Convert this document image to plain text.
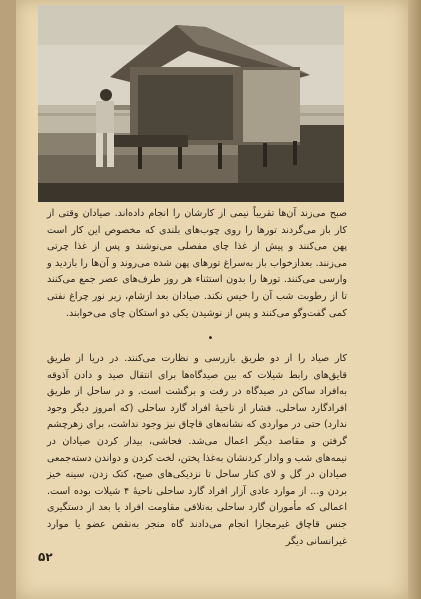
صبح می‌زند آن‌ها تقریباً نیمی از کارشان را انجام داده‌اند. صیادان وقتی از کار باز می‌گردند تورها را روی چوب‌های بلندی که مخصوص این کار است پهن می‌کنند و پیش از غذا چای مفصلی می‌نوشند و پس از غذا چرتی می‌زنند. بعدازخواب باز به‌سراغ تورهای پهن شده می‌روند و آن‌ها را بازدید و وارسی می‌کنند. تورها را بدون استثناء هر روز طرف‌های عصر جمع می‌کنند تا از رطوبت شب آن را خیس نکند. صیادان بعد ازشام، زیر نور چراغ نفتی کمی گفت‌وگو می‌کنند و پس از نوشیدن یکی دو استکان چای می‌خوابند.

•

کار صیاد را از دو طریق بازرسی و نظارت می‌کنند. در دریا از طریق قایق‌های رابط شیلات که بین صیدگاه‌ها برای انتقال صید و دادن آذوقه به‌افراد ساکن در صیدگاه در رفت و برگشت است. و در ساحل از طریق افرادگارد ساحلی. فشار از ناحیهٔ افراد گارد ساحلی (که امروز دیگر وجود ندارد) حتی در مواردی که نشانه‌های قاچاق نیز وجود نداشت، برای زهرچشم گرفتن و مقاصد دیگر اعمال می‌شد. فحاشی، بیدار کردن صیادان در نیمه‌های شب و وادار کردنشان به‌غذا پختن، لخت کردن و دواندن دسته‌جمعی صیادان در گل و لای کنار ساحل تا نزدیکی‌های صبح، کتک زدن، سینه خیز بردن و... از موارد عادی آزار افراد گارد ساحلی ناحیهٔ ۴ شیلات بوده است. اعمالی که مأموران گارد ساحلی به‌تلافی مقاومت افراد یا بعد از دستگیری جنس قاچاق غیرمجازا انجام می‌دادند گاه منجر به‌نقص عضو یا موارد غیرانسانی دیگر

۵۲
